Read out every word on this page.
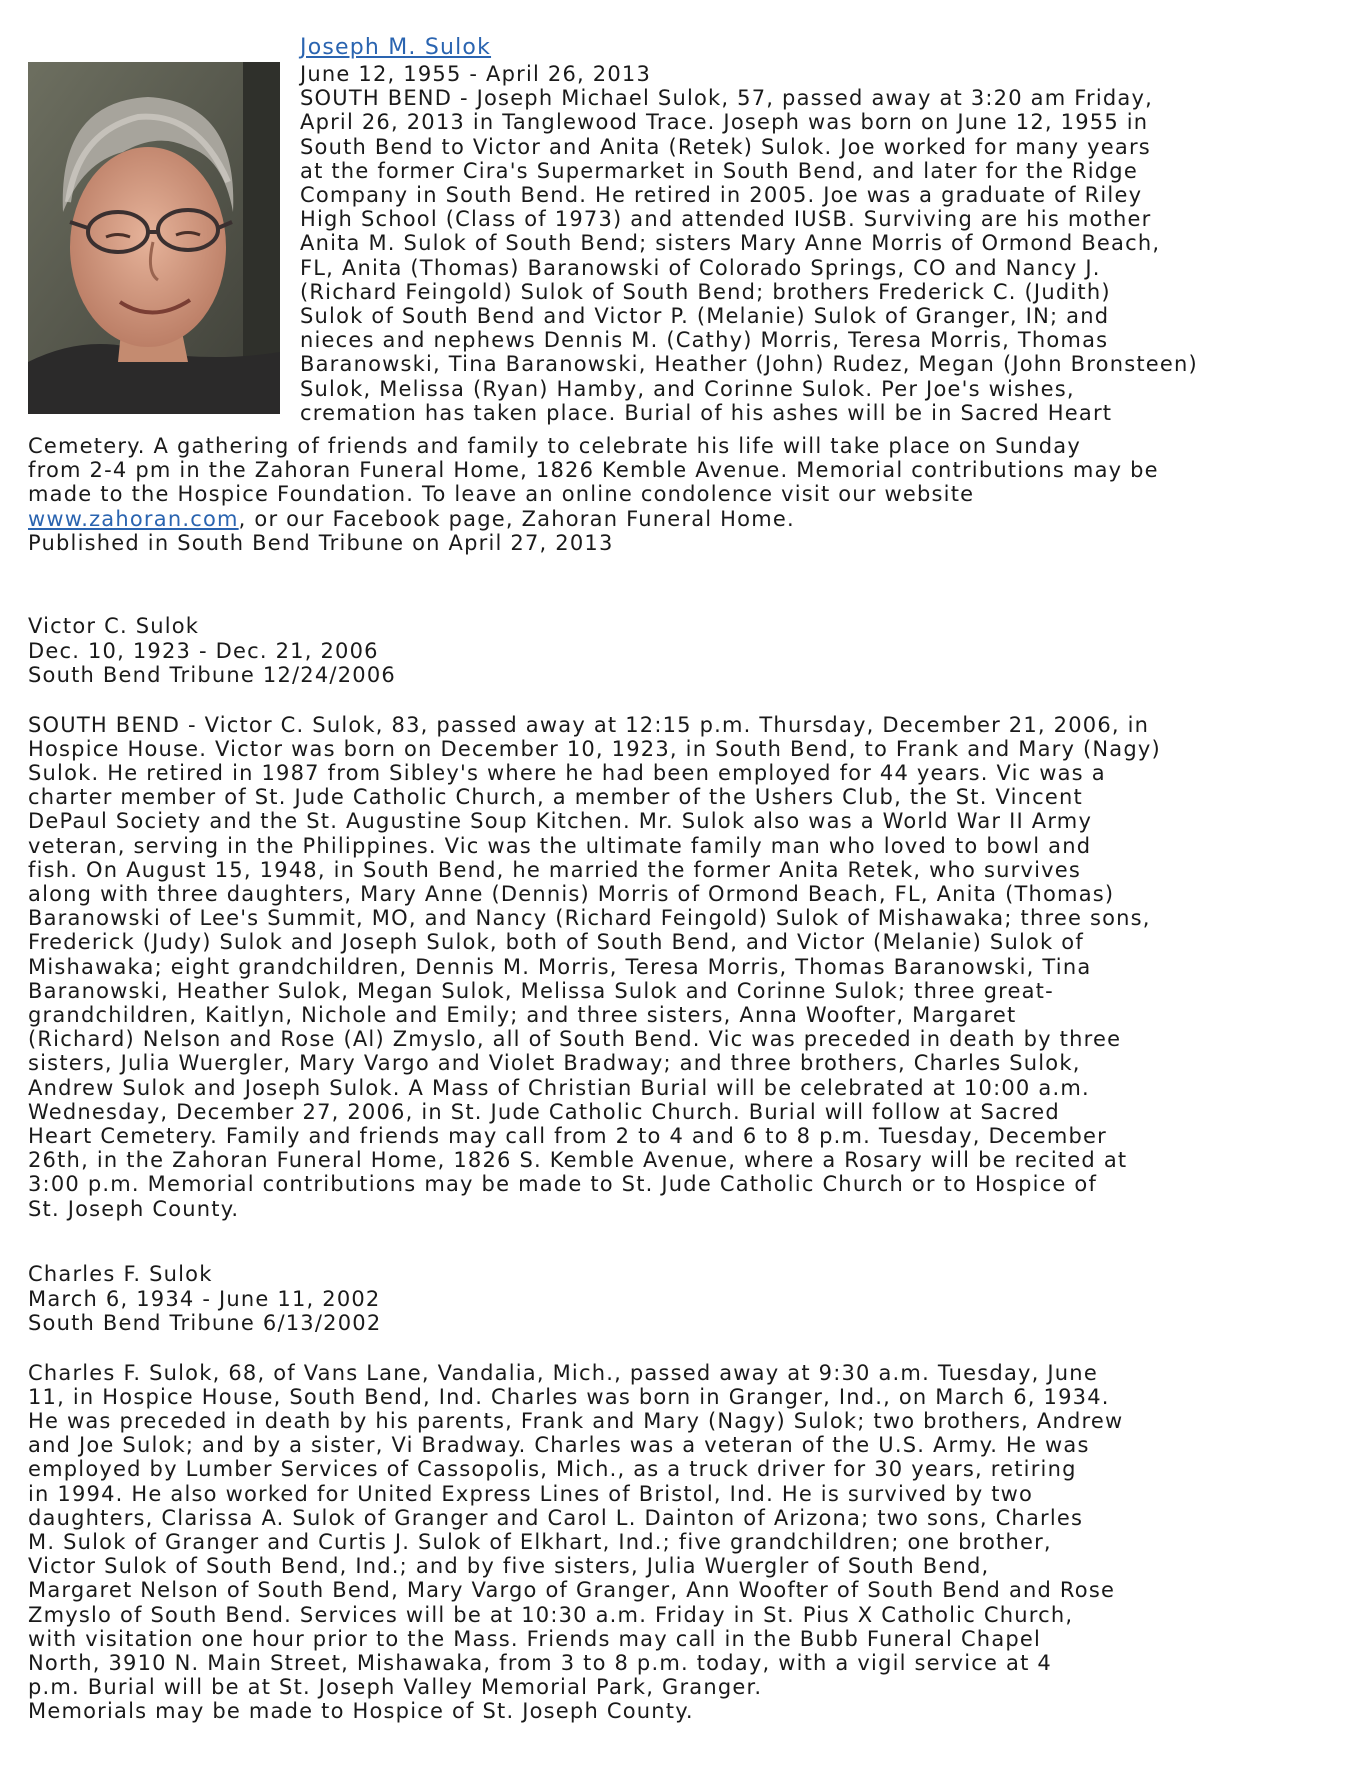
Joseph M. Sulok
June 12, 1955 - April 26, 2013
SOUTH BEND - Joseph Michael Sulok, 57, passed away at 3:20 am Friday,
April 26, 2013 in Tanglewood Trace. Joseph was born on June 12, 1955 in
South Bend to Victor and Anita (Retek) Sulok. Joe worked for many years
at the former Cira's Supermarket in South Bend, and later for the Ridge
Company in South Bend. He retired in 2005. Joe was a graduate of Riley
High School (Class of 1973) and attended IUSB. Surviving are his mother
Anita M. Sulok of South Bend; sisters Mary Anne Morris of Ormond Beach,
FL, Anita (Thomas) Baranowski of Colorado Springs, CO and Nancy J.
(Richard Feingold) Sulok of South Bend; brothers Frederick C. (Judith)
Sulok of South Bend and Victor P. (Melanie) Sulok of Granger, IN; and
nieces and nephews Dennis M. (Cathy) Morris, Teresa Morris, Thomas
Baranowski, Tina Baranowski, Heather (John) Rudez, Megan (John Bronsteen)
Sulok, Melissa (Ryan) Hamby, and Corinne Sulok. Per Joe's wishes,
cremation has taken place. Burial of his ashes will be in Sacred Heart
Cemetery. A gathering of friends and family to celebrate his life will take place on Sunday
from 2-4 pm in the Zahoran Funeral Home, 1826 Kemble Avenue. Memorial contributions may be
made to the Hospice Foundation. To leave an online condolence visit our website
www.zahoran.com, or our Facebook page, Zahoran Funeral Home.
Published in South Bend Tribune on April 27, 2013
Victor C. Sulok
Dec. 10, 1923 - Dec. 21, 2006
South Bend Tribune 12/24/2006
SOUTH BEND - Victor C. Sulok, 83, passed away at 12:15 p.m. Thursday, December 21, 2006, in
Hospice House. Victor was born on December 10, 1923, in South Bend, to Frank and Mary (Nagy)
Sulok. He retired in 1987 from Sibley's where he had been employed for 44 years. Vic was a
charter member of St. Jude Catholic Church, a member of the Ushers Club, the St. Vincent
DePaul Society and the St. Augustine Soup Kitchen. Mr. Sulok also was a World War II Army
veteran, serving in the Philippines. Vic was the ultimate family man who loved to bowl and
fish. On August 15, 1948, in South Bend, he married the former Anita Retek, who survives
along with three daughters, Mary Anne (Dennis) Morris of Ormond Beach, FL, Anita (Thomas)
Baranowski of Lee's Summit, MO, and Nancy (Richard Feingold) Sulok of Mishawaka; three sons,
Frederick (Judy) Sulok and Joseph Sulok, both of South Bend, and Victor (Melanie) Sulok of
Mishawaka; eight grandchildren, Dennis M. Morris, Teresa Morris, Thomas Baranowski, Tina
Baranowski, Heather Sulok, Megan Sulok, Melissa Sulok and Corinne Sulok; three great-
grandchildren, Kaitlyn, Nichole and Emily; and three sisters, Anna Woofter, Margaret
(Richard) Nelson and Rose (Al) Zmyslo, all of South Bend. Vic was preceded in death by three
sisters, Julia Wuergler, Mary Vargo and Violet Bradway; and three brothers, Charles Sulok,
Andrew Sulok and Joseph Sulok. A Mass of Christian Burial will be celebrated at 10:00 a.m.
Wednesday, December 27, 2006, in St. Jude Catholic Church. Burial will follow at Sacred
Heart Cemetery. Family and friends may call from 2 to 4 and 6 to 8 p.m. Tuesday, December
26th, in the Zahoran Funeral Home, 1826 S. Kemble Avenue, where a Rosary will be recited at
3:00 p.m. Memorial contributions may be made to St. Jude Catholic Church or to Hospice of
St. Joseph County.
Charles F. Sulok
March 6, 1934 - June 11, 2002
South Bend Tribune 6/13/2002
Charles F. Sulok, 68, of Vans Lane, Vandalia, Mich., passed away at 9:30 a.m. Tuesday, June
11, in Hospice House, South Bend, Ind. Charles was born in Granger, Ind., on March 6, 1934.
He was preceded in death by his parents, Frank and Mary (Nagy) Sulok; two brothers, Andrew
and Joe Sulok; and by a sister, Vi Bradway. Charles was a veteran of the U.S. Army. He was
employed by Lumber Services of Cassopolis, Mich., as a truck driver for 30 years, retiring
in 1994. He also worked for United Express Lines of Bristol, Ind. He is survived by two
daughters, Clarissa A. Sulok of Granger and Carol L. Dainton of Arizona; two sons, Charles
M. Sulok of Granger and Curtis J. Sulok of Elkhart, Ind.; five grandchildren; one brother,
Victor Sulok of South Bend, Ind.; and by five sisters, Julia Wuergler of South Bend,
Margaret Nelson of South Bend, Mary Vargo of Granger, Ann Woofter of South Bend and Rose
Zmyslo of South Bend. Services will be at 10:30 a.m. Friday in St. Pius X Catholic Church,
with visitation one hour prior to the Mass. Friends may call in the Bubb Funeral Chapel
North, 3910 N. Main Street, Mishawaka, from 3 to 8 p.m. today, with a vigil service at 4
p.m. Burial will be at St. Joseph Valley Memorial Park, Granger.
Memorials may be made to Hospice of St. Joseph County.
